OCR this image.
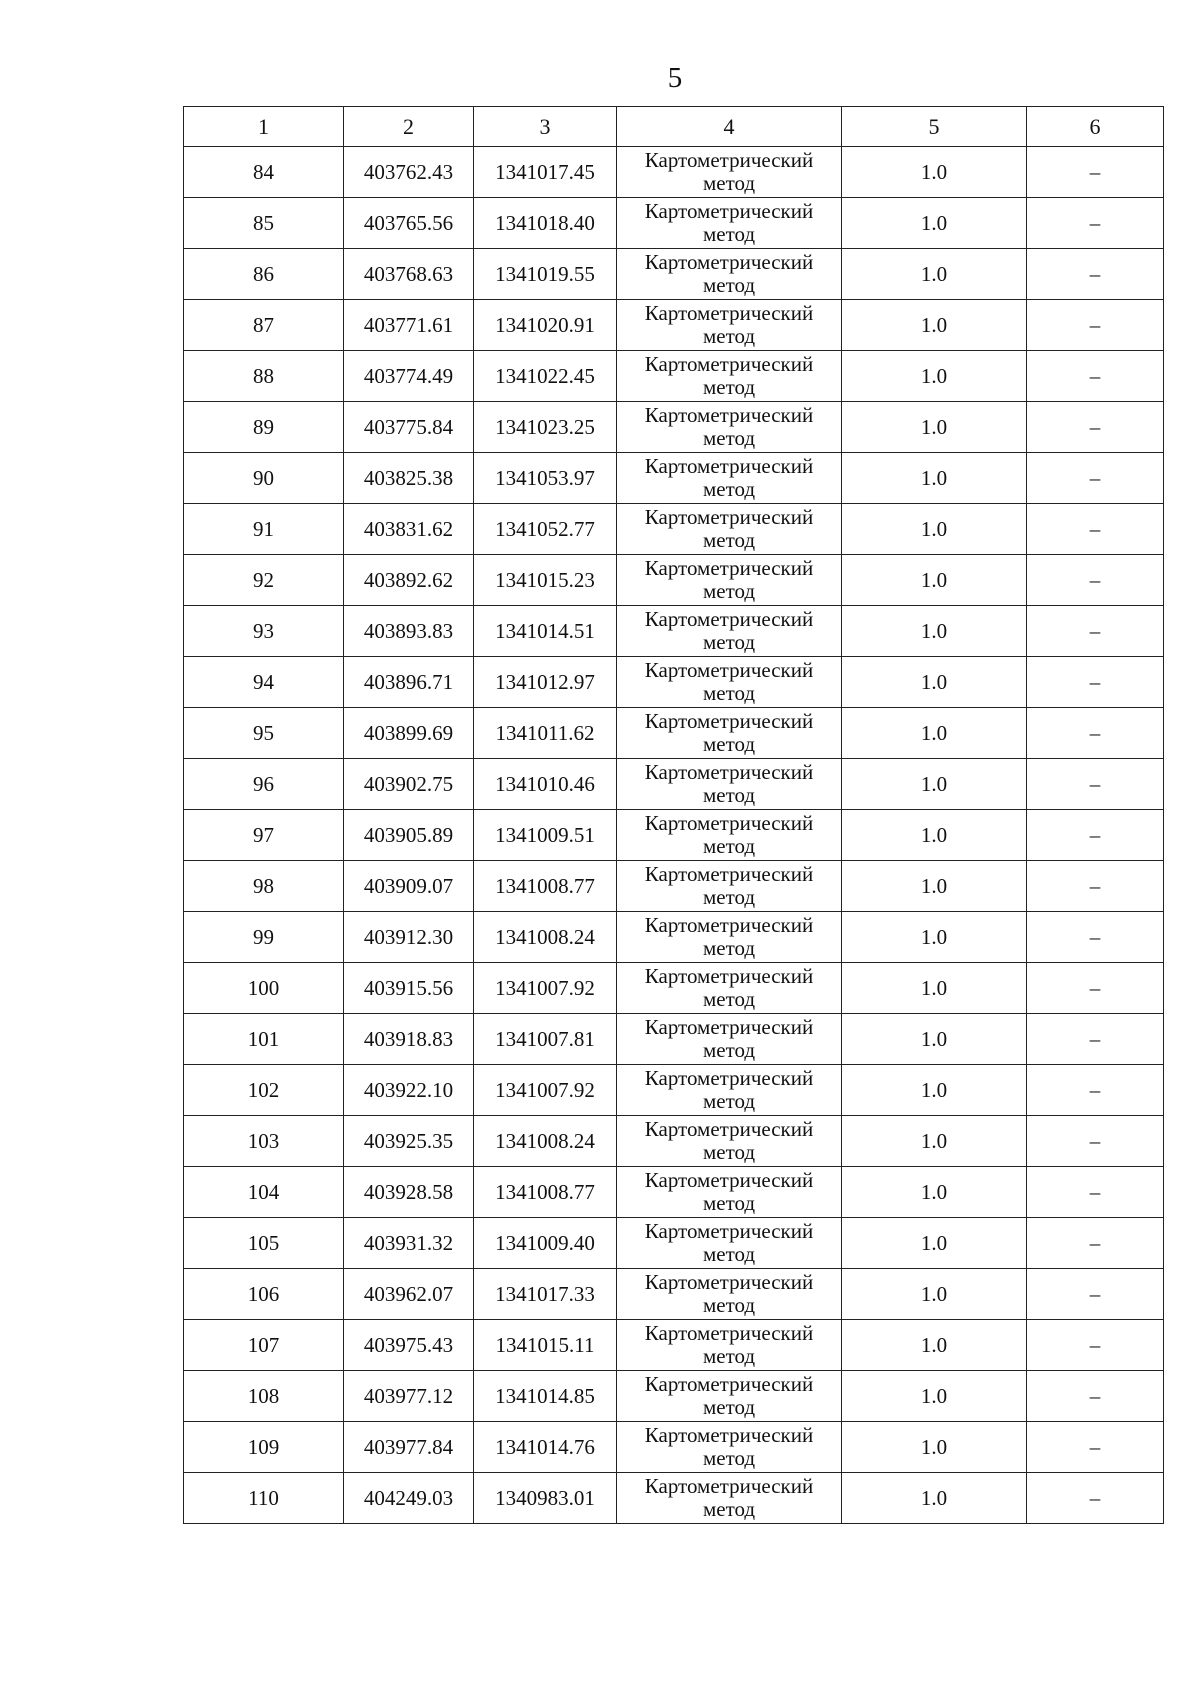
5
1	2	3	4	5	6
84	403762.43	1341017.45	Картометрический
метод	1.0	–
85	403765.56	1341018.40	Картометрический
метод	1.0	–
86	403768.63	1341019.55	Картометрический
метод	1.0	–
87	403771.61	1341020.91	Картометрический
метод	1.0	–
88	403774.49	1341022.45	Картометрический
метод	1.0	–
89	403775.84	1341023.25	Картометрический
метод	1.0	–
90	403825.38	1341053.97	Картометрический
метод	1.0	–
91	403831.62	1341052.77	Картометрический
метод	1.0	–
92	403892.62	1341015.23	Картометрический
метод	1.0	–
93	403893.83	1341014.51	Картометрический
метод	1.0	–
94	403896.71	1341012.97	Картометрический
метод	1.0	–
95	403899.69	1341011.62	Картометрический
метод	1.0	–
96	403902.75	1341010.46	Картометрический
метод	1.0	–
97	403905.89	1341009.51	Картометрический
метод	1.0	–
98	403909.07	1341008.77	Картометрический
метод	1.0	–
99	403912.30	1341008.24	Картометрический
метод	1.0	–
100	403915.56	1341007.92	Картометрический
метод	1.0	–
101	403918.83	1341007.81	Картометрический
метод	1.0	–
102	403922.10	1341007.92	Картометрический
метод	1.0	–
103	403925.35	1341008.24	Картометрический
метод	1.0	–
104	403928.58	1341008.77	Картометрический
метод	1.0	–
105	403931.32	1341009.40	Картометрический
метод	1.0	–
106	403962.07	1341017.33	Картометрический
метод	1.0	–
107	403975.43	1341015.11	Картометрический
метод	1.0	–
108	403977.12	1341014.85	Картометрический
метод	1.0	–
109	403977.84	1341014.76	Картометрический
метод	1.0	–
110	404249.03	1340983.01	Картометрический
метод	1.0	–
